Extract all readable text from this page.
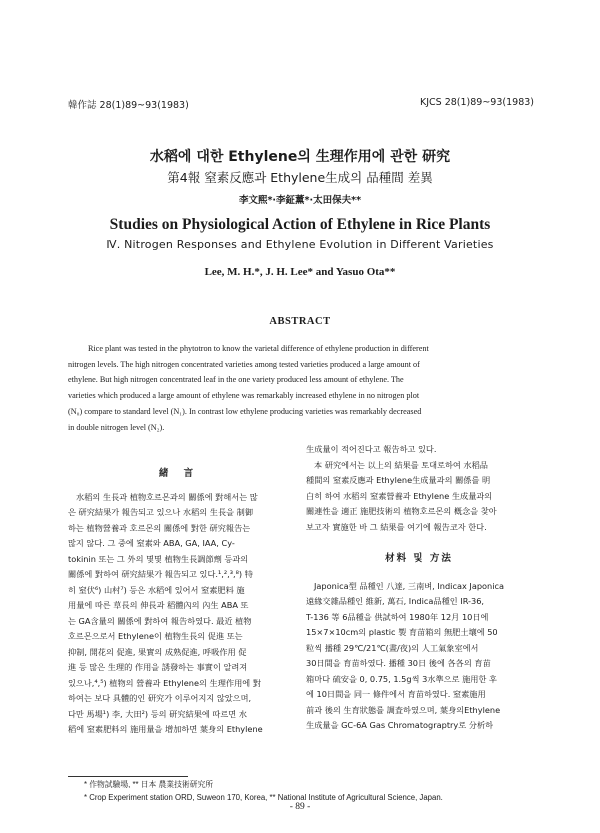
韓作誌 28(1)89~93(1983)	KJCS 28(1)89~93(1983)
水稻에 대한 Ethylene의 生理作用에 관한 研究
第4報 窒素反應과 Ethylene生成의 品種間 差異
李文熙*·李鉦薰*·太田保夫**
Studies on Physiological Action of Ethylene in Rice Plants
Ⅳ. Nitrogen Responses and Ethylene Evolution in Different Varieties
Lee, M. H.*, J. H. Lee* and Yasuo Ota**
ABSTRACT
Rice plant was tested in the phytotron to know the varietal difference of ethylene production in different
nitrogen levels. The high nitrogen concentrated varieties among tested varieties produced a large amount of
ethylene. But high nitrogen concentrated leaf in the one variety produced less amount of ethylene. The
varieties which produced a large amount of ethylene was remarkably increased ethylene in no nitrogen plot
(N₀) compare to standard level (N₁). In contrast low ethylene producing varieties was remarkably decreased
in double nitrogen level (N₂).
緒 言
水稻의 生長과 植物호르몬과의 關係에 對해서는 많
은 研究結果가 報告되고 있으나 水稻의 生長을 制御
하는 植物營養과 호르몬의 關係에 對한 研究報告는
많지 않다. 그 중에 窒素와 ABA, GA, IAA, Cy-
tokinin 또는 그 外의 몇몇 植物生長調節劑 등과의
關係에 對하여 研究結果가 報告되고 있다.¹,²,³,⁸) 特
히 窒伏⁶) 山村⁷) 등은 水稻에 있어서 窒素肥料 施
用量에 따른 草長의 伸長과 稻體內의 內生 ABA 또
는 GA含量의 關係에 對하여 報告하였다. 最近 植物
호르몬으로서 Ethylene이 植物生長의 促進 또는
抑制, 開花의 促進, 果實의 成熟促進, 呼吸作用 促
進 등 많은 生理的 作用을 誘發하는 事實이 알려져
있으나,⁴,⁵) 植物의 營養과 Ethylene의 生理作用에 對
하여는 보다 具體的인 研究가 이루어지지 않았으며,
다만 馬場¹) 李, 大田²) 등의 研究結果에 따르면 水
稻에 窒素肥料의 施用量을 增加하면 葉身의 Ethylene
生成量이 적어진다고 報告하고 있다.
本 研究에서는 以上의 結果를 토대로하여 水稻品
種間의 窒素反應과 Ethylene生成量과의 關係를 明
白히 하여 水稻의 窒素營養과 Ethylene 生成量과의
關連性을 適正 施肥技術의 植物호르몬의 槪念을 찾아
보고자 實施한 바 그 結果를 여기에 報告코자 한다.
材料 및 方法
Japonica型 品種인 八達, 三南벼, Indicax Japonica
遠緣交雜品種인 維新, 萬石, Indica品種인 IR-36,
T-136 等 6品種을 供試하여 1980年 12月 10日에
15×7×10cm의 plastic 製 育苗箱의 無肥土壤에 50
粒씩 播種 29℃/21℃(晝/夜)의 人工氣象室에서
30日間을 育苗하였다. 播種 30日 後에 各各의 育苗
箱마다 硫安을 0, 0.75, 1.5g씩 3水準으로 施用한 후
에 10日間을 同一 條件에서 育苗하였다. 窒素施用
前과 後의 生育狀態를 調査하였으며, 葉身의Ethylene
生成量을 GC-6A Gas Chromatograptry로 分析하
* 作物試驗場, ** 日本 農業技術研究所
* Crop Experiment station ORD, Suweon 170, Korea, ** National Institute of Agricultural Science, Japan.
- 89 -
